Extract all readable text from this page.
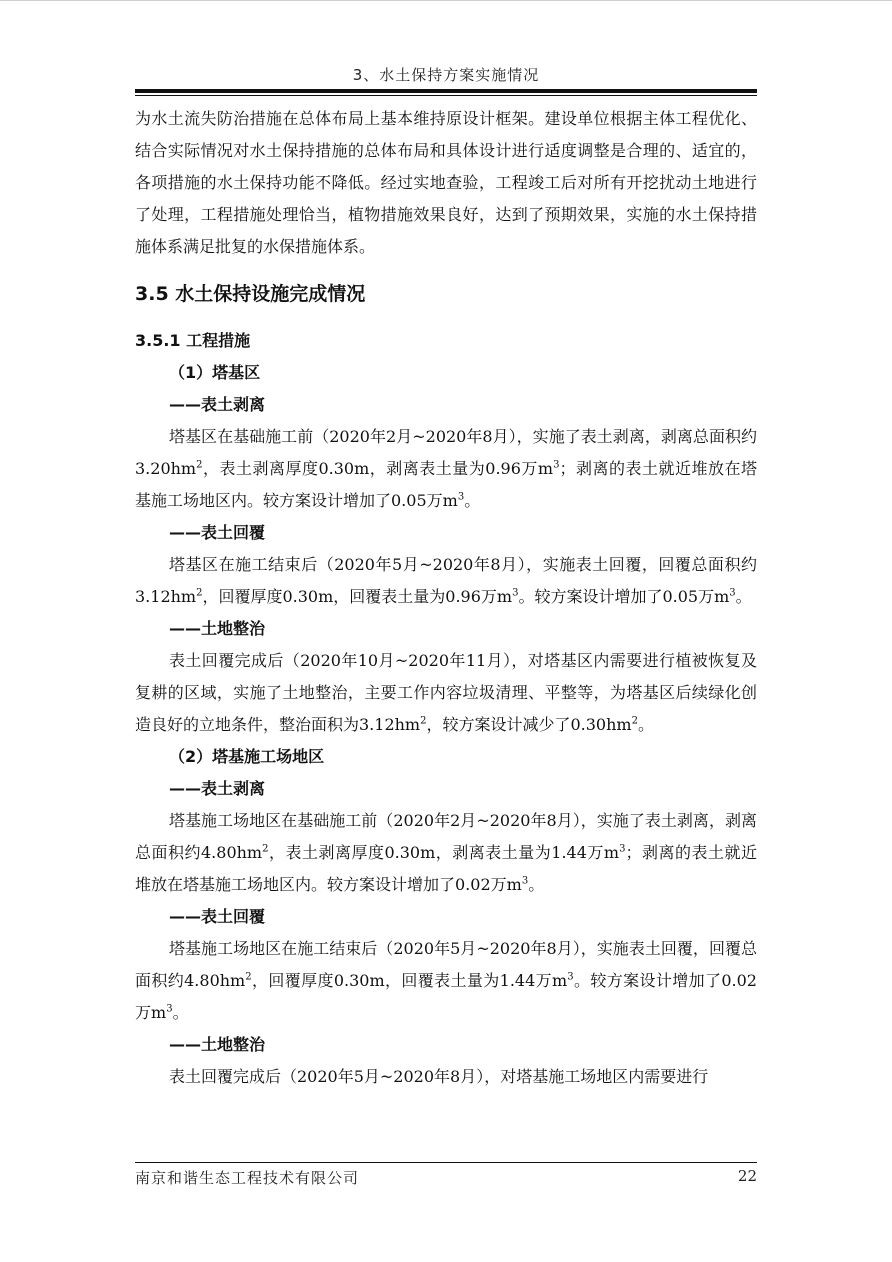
3、水土保持方案实施情况

为水土流失防治措施在总体布局上基本维持原设计框架。建设单位根据主体工程优化、结合实际情况对水土保持措施的总体布局和具体设计进行适度调整是合理的、适宜的，各项措施的水土保持功能不降低。经过实地查验，工程竣工后对所有开挖扰动土地进行了处理，工程措施处理恰当，植物措施效果良好，达到了预期效果，实施的水土保持措施体系满足批复的水保措施体系。

3.5 水土保持设施完成情况
3.5.1 工程措施
（1）塔基区
——表土剥离

塔基区在基础施工前（2020年2月~2020年8月），实施了表土剥离，剥离总面积约$3.20hm^2$，表土剥离厚度0.30m，剥离表土量为0.96万$m^3$；剥离的表土就近堆放在塔基施工场地区内。较方案设计增加了0.05万$m^3$。

——表土回覆

塔基区在施工结束后（2020年5月~2020年8月），实施表土回覆，回覆总面积约$3.12hm^2$，回覆厚度0.30m，回覆表土量为0.96万$m^3$。较方案设计增加了0.05万$m^3$。

——土地整治

表土回覆完成后（2020年10月~2020年11月），对塔基区内需要进行植被恢复及复耕的区域，实施了土地整治，主要工作内容垃圾清理、平整等，为塔基区后续绿化创造良好的立地条件，整治面积为$3.12hm^2$，较方案设计减少了$0.30hm^2$。

（2）塔基施工场地区
——表土剥离

塔基施工场地区在基础施工前（2020年2月~2020年8月），实施了表土剥离，剥离总面积约$4.80hm^2$，表土剥离厚度0.30m，剥离表土量为1.44万$m^3$；剥离的表土就近堆放在塔基施工场地区内。较方案设计增加了0.02万$m^3$。

——表土回覆

塔基施工场地区在施工结束后（2020年5月~2020年8月），实施表土回覆，回覆总面积约$4.80hm^2$，回覆厚度0.30m，回覆表土量为1.44万$m^3$。较方案设计增加了0.02万$m^3$。

——土地整治

表土回覆完成后（2020年5月~2020年8月），对塔基施工场地区内需要进行

南京和谐生态工程技术有限公司	22
